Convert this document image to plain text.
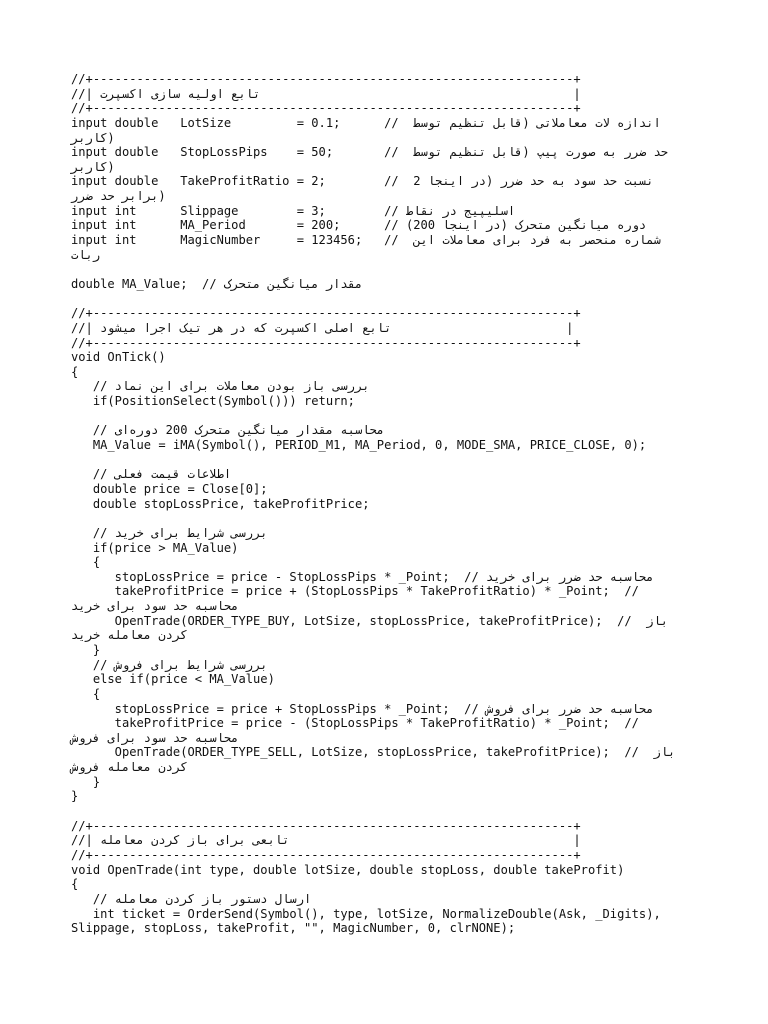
//+------------------------------------------------------------------+
//| تابع اولیه سازی اکسپرت                                           |
//+------------------------------------------------------------------+
input double   LotSize         = 0.1;      //  اندازه لات معاملاتی (قابل تنظیم توسط
کاربر)
input double   StopLossPips    = 50;       //  حد ضرر به صورت پیپ (قابل تنظیم توسط
کاربر)
input double   TakeProfitRatio = 2;        //  نسبت حد سود به حد ضرر (در اینجا 2
برابر حد ضرر)
input int      Slippage        = 3;        // اسلیپیج در نقاط
input int      MA_Period       = 200;      // دوره میانگین متحرک (در اینجا 200)
input int      MagicNumber     = 123456;   //  شماره منحصر به فرد برای معاملات این
ربات
double MA_Value;  // مقدار میانگین متحرک
//+------------------------------------------------------------------+
//| تابع اصلی اکسپرت که در هر تیک اجرا میشود                        |
//+------------------------------------------------------------------+
void OnTick()
{
// بررسی باز بودن معاملات برای این نماد
if(PositionSelect(Symbol())) return;
// محاسبه مقدار میانگین متحرک 200 دوره‌ای
MA_Value = iMA(Symbol(), PERIOD_M1, MA_Period, 0, MODE_SMA, PRICE_CLOSE, 0);
// اطلاعات قیمت فعلی
double price = Close[0];
double stopLossPrice, takeProfitPrice;
// بررسی شرایط برای خرید
if(price > MA_Value)
{
stopLossPrice = price - StopLossPips * _Point;  // محاسبه حد ضرر برای خرید
takeProfitPrice = price + (StopLossPips * TakeProfitRatio) * _Point;  //
محاسبه حد سود برای خرید
OpenTrade(ORDER_TYPE_BUY, LotSize, stopLossPrice, takeProfitPrice);  //  باز
کردن معامله خرید
}
// بررسی شرایط برای فروش
else if(price < MA_Value)
{
stopLossPrice = price + StopLossPips * _Point;  // محاسبه حد ضرر برای فروش
takeProfitPrice = price - (StopLossPips * TakeProfitRatio) * _Point;  //
محاسبه حد سود برای فروش
OpenTrade(ORDER_TYPE_SELL, LotSize, stopLossPrice, takeProfitPrice);  //  باز
کردن معامله فروش
}
}
//+------------------------------------------------------------------+
//| تابعی برای باز کردن معامله                                       |
//+------------------------------------------------------------------+
void OpenTrade(int type, double lotSize, double stopLoss, double takeProfit)
{
// ارسال دستور باز کردن معامله
int ticket = OrderSend(Symbol(), type, lotSize, NormalizeDouble(Ask, _Digits),
Slippage, stopLoss, takeProfit, "", MagicNumber, 0, clrNONE);
